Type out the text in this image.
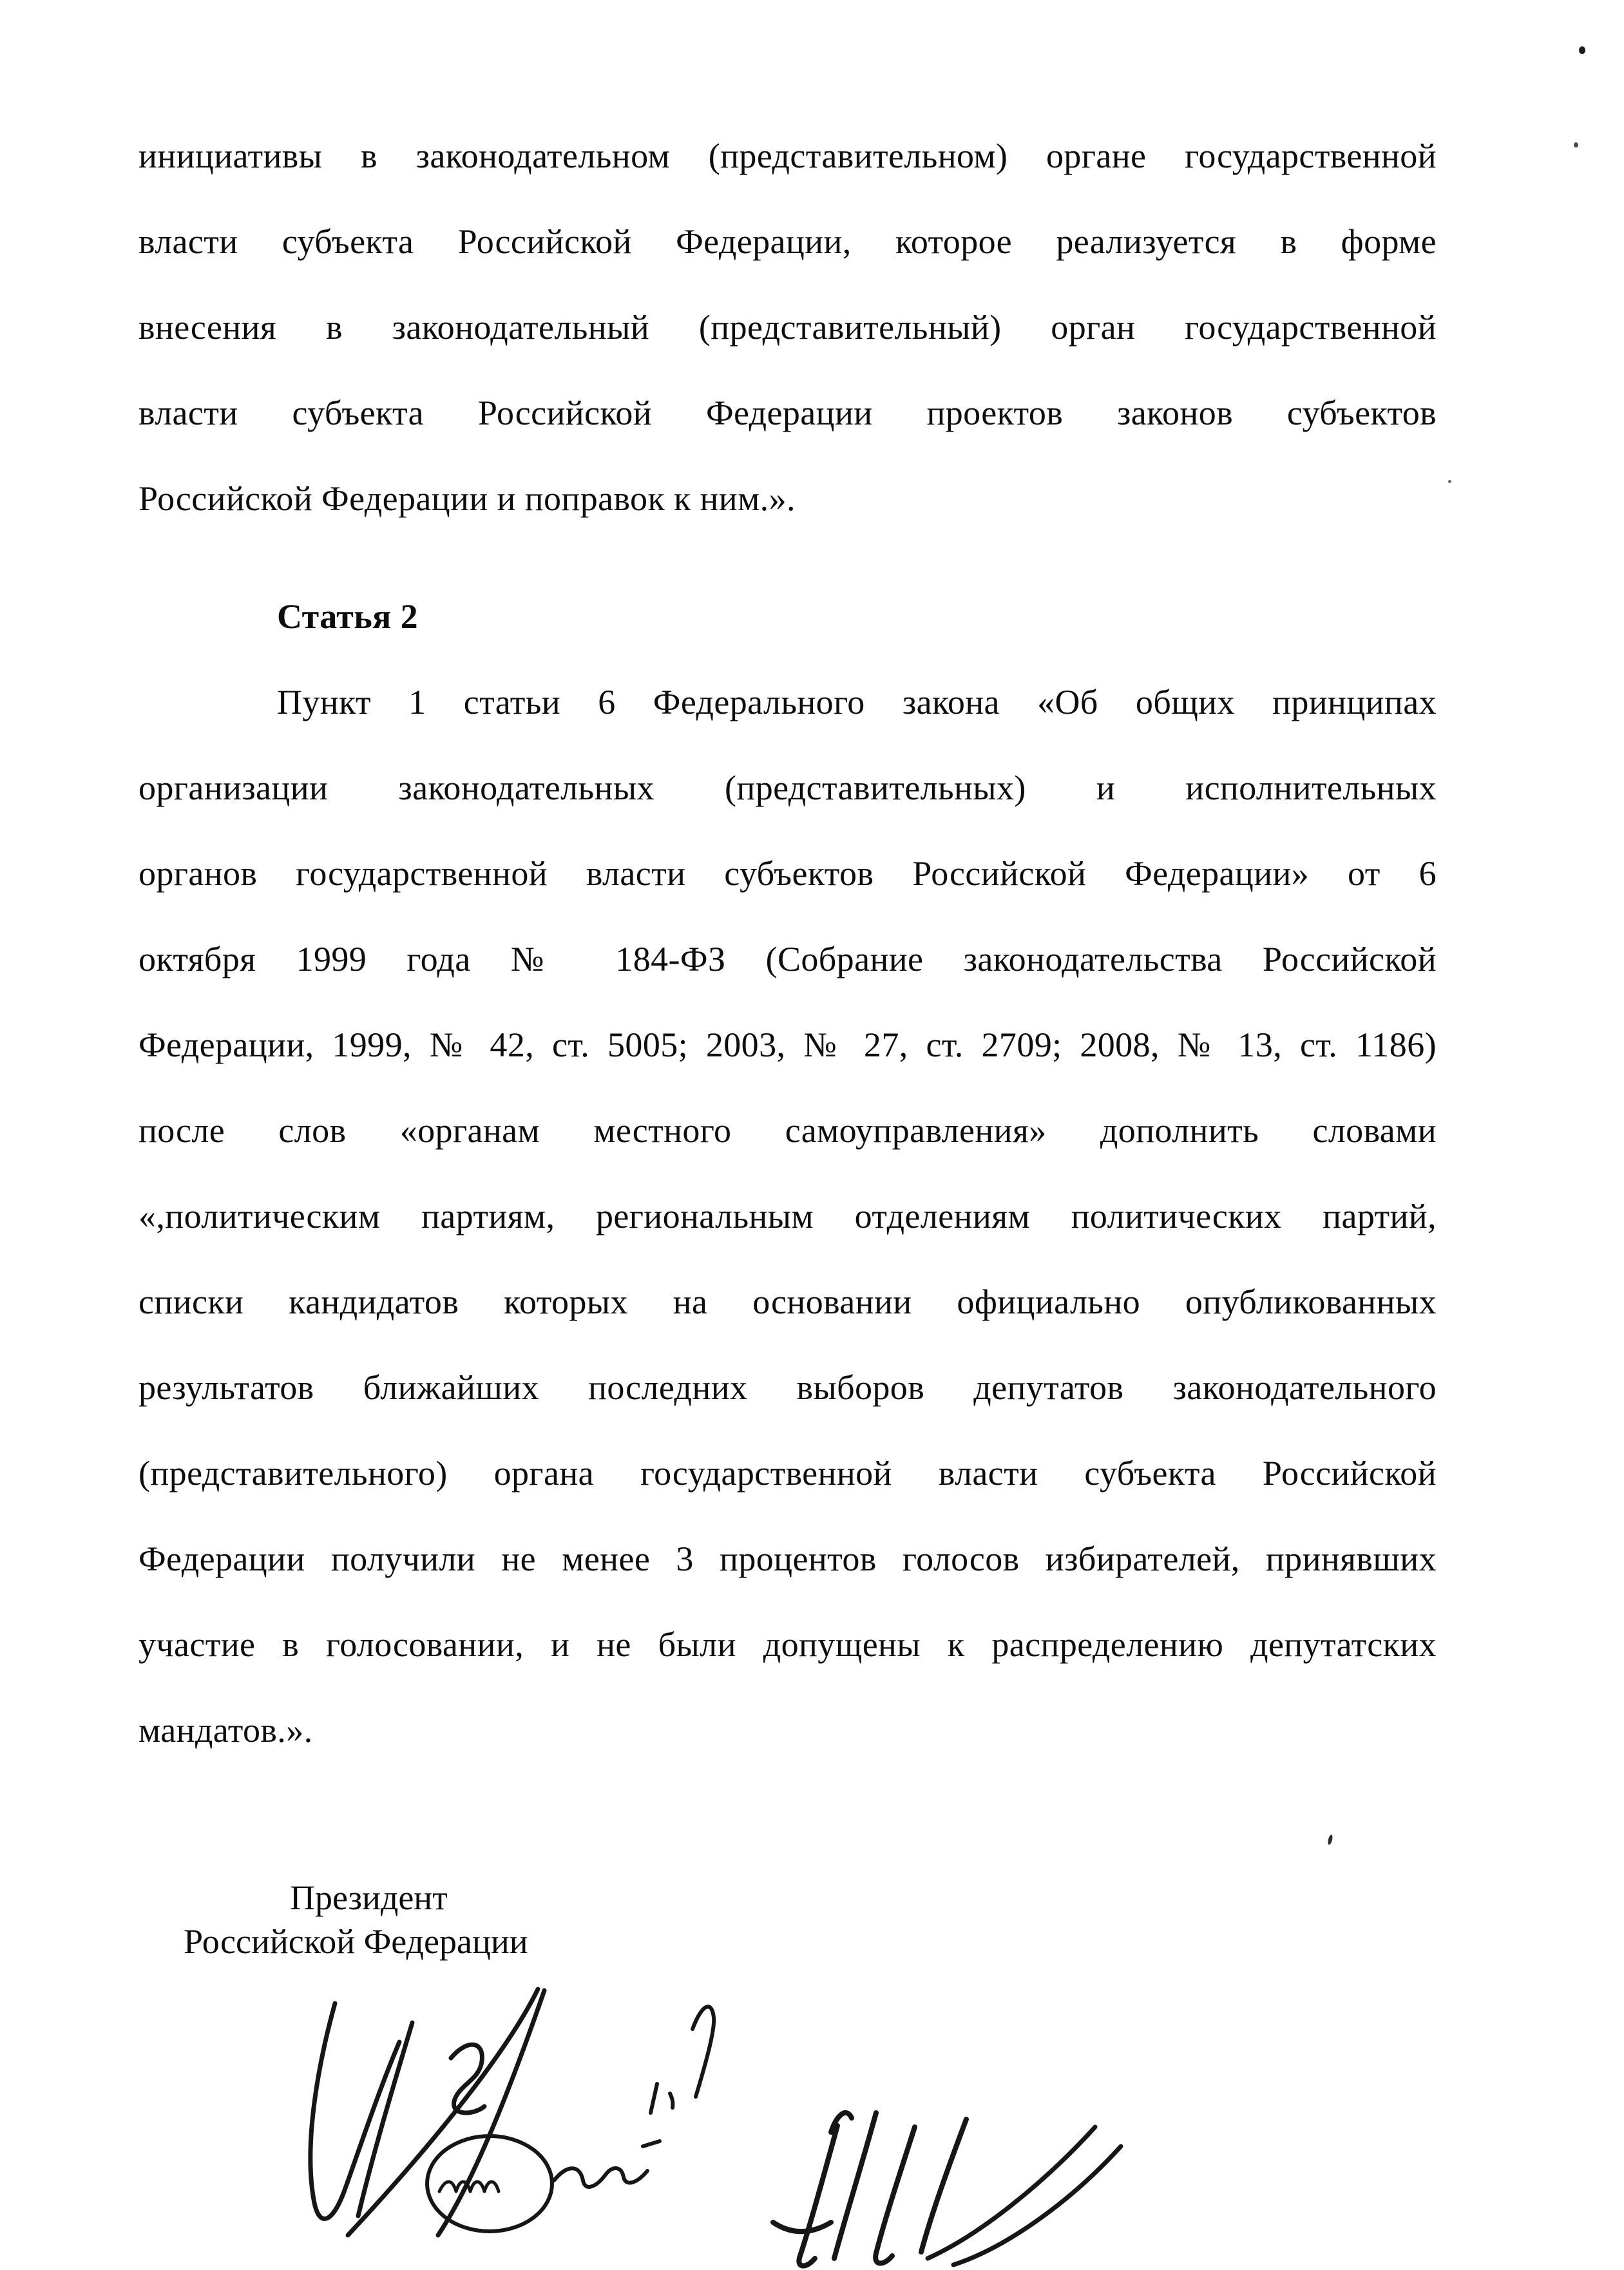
инициативы в законодательном (представительном) органе государственной
власти субъекта Российской Федерации, которое реализуется в форме
внесения в законодательный (представительный) орган государственной
власти субъекта Российской Федерации проектов законов субъектов
Российской Федерации и поправок к ним.».
Статья 2
Пункт 1 статьи 6 Федерального закона «Об общих принципах
организации законодательных (представительных) и исполнительных
органов государственной власти субъектов Российской Федерации» от 6
октября 1999 года № 184-ФЗ (Собрание законодательства Российской
Федерации, 1999, № 42, ст. 5005; 2003, № 27, ст. 2709; 2008, № 13, ст. 1186)
после слов «органам местного самоуправления» дополнить словами
«,политическим партиям, региональным отделениям политических партий,
списки кандидатов которых на основании официально опубликованных
результатов ближайших последних выборов депутатов законодательного
(представительного) органа государственной власти субъекта Российской
Федерации получили не менее 3 процентов голосов избирателей, принявших
участие в голосовании, и не были допущены к распределению депутатских
мандатов.».
Президент
Российской Федерации
